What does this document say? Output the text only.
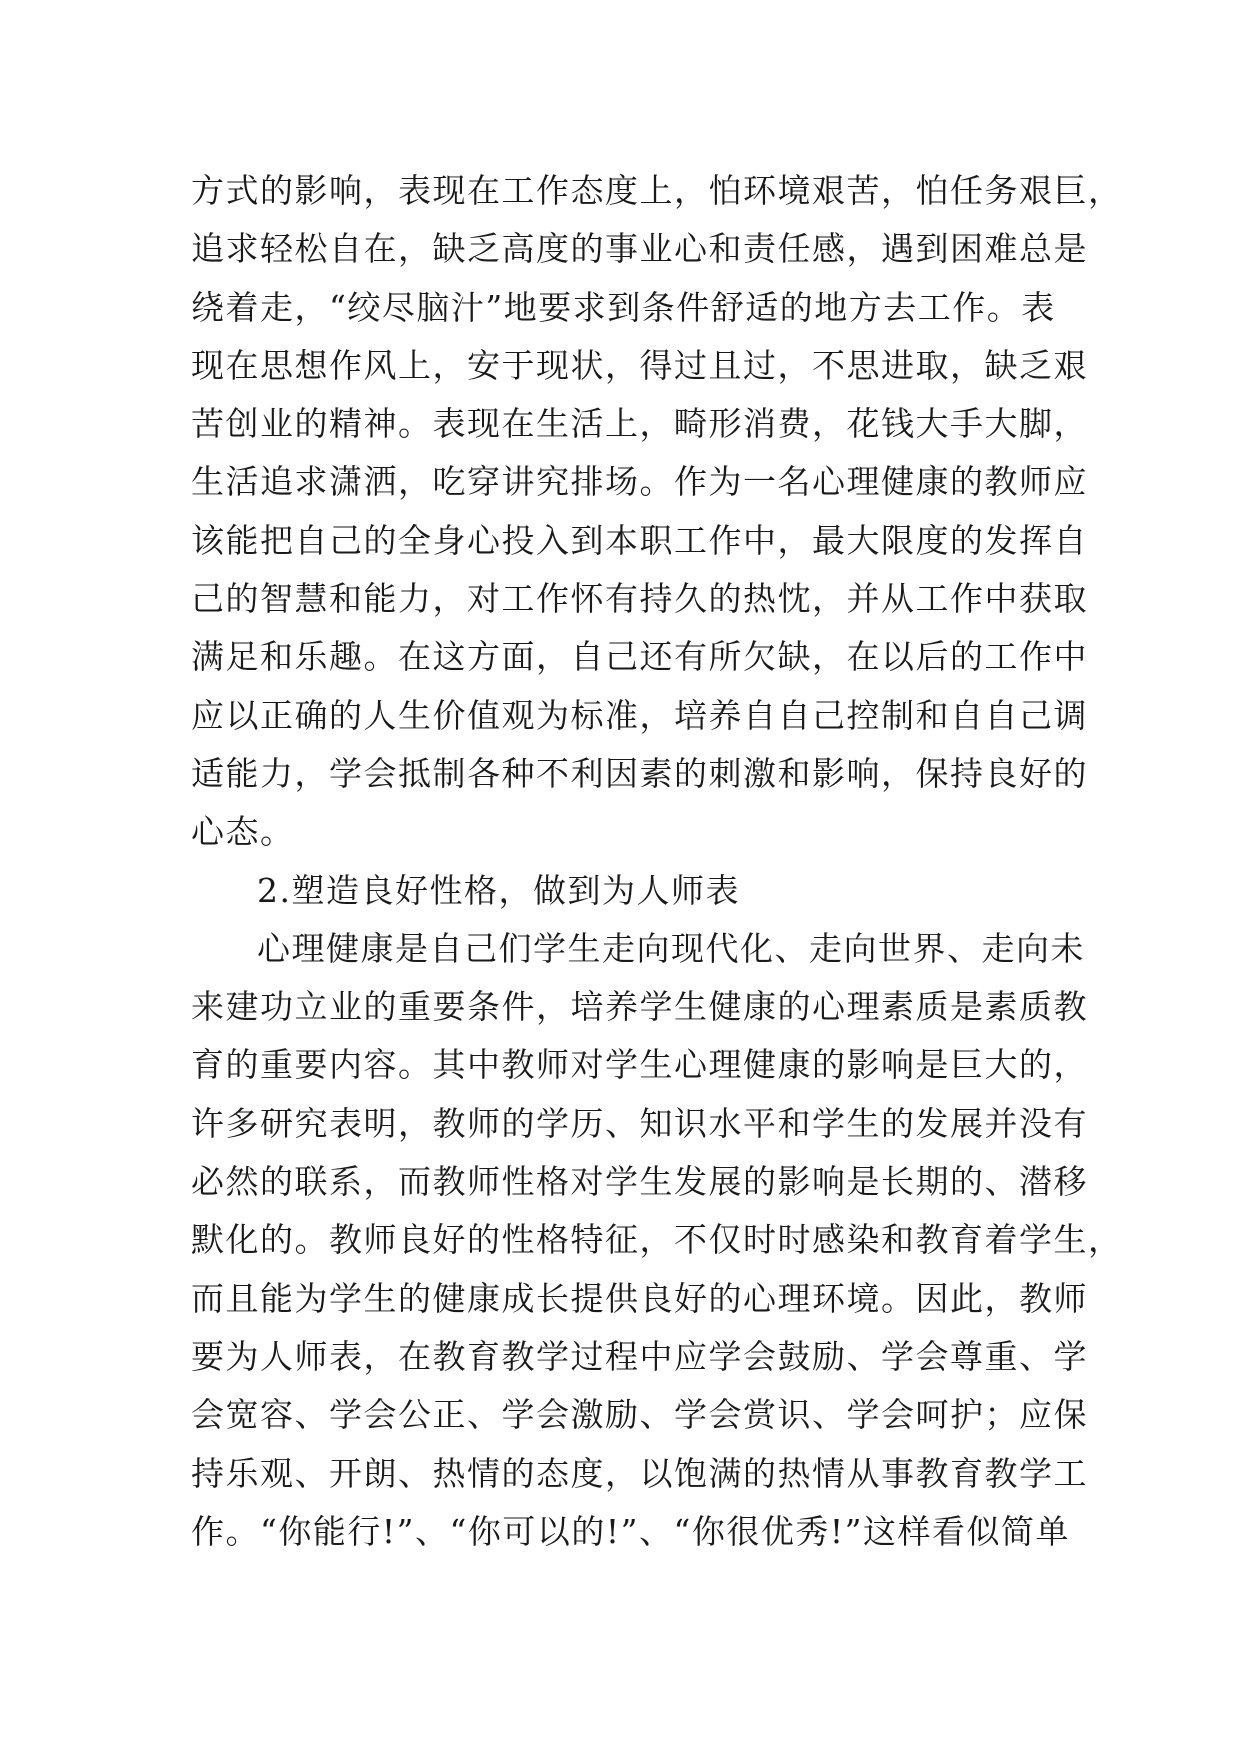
方式的影响，表现在工作态度上，怕环境艰苦，怕任务艰巨，
追求轻松自在，缺乏高度的事业心和责任感，遇到困难总是
绕着走，“绞尽脑汁”地要求到条件舒适的地方去工作。表
现在思想作风上，安于现状，得过且过，不思进取，缺乏艰
苦创业的精神。表现在生活上，畸形消费，花钱大手大脚，
生活追求潇洒，吃穿讲究排场。作为一名心理健康的教师应
该能把自己的全身心投入到本职工作中，最大限度的发挥自
己的智慧和能力，对工作怀有持久的热忱，并从工作中获取
满足和乐趣。在这方面，自己还有所欠缺，在以后的工作中
应以正确的人生价值观为标准，培养自自己控制和自自己调
适能力，学会抵制各种不利因素的刺激和影响，保持良好的
心态。
2.塑造良好性格，做到为人师表
心理健康是自己们学生走向现代化、走向世界、走向未
来建功立业的重要条件，培养学生健康的心理素质是素质教
育的重要内容。其中教师对学生心理健康的影响是巨大的，
许多研究表明，教师的学历、知识水平和学生的发展并没有
必然的联系，而教师性格对学生发展的影响是长期的、潜移
默化的。教师良好的性格特征，不仅时时感染和教育着学生，
而且能为学生的健康成长提供良好的心理环境。因此，教师
要为人师表，在教育教学过程中应学会鼓励、学会尊重、学
会宽容、学会公正、学会激励、学会赏识、学会呵护；应保
持乐观、开朗、热情的态度，以饱满的热情从事教育教学工
作。“你能行!”、“你可以的!”、“你很优秀!”这样看似简单
